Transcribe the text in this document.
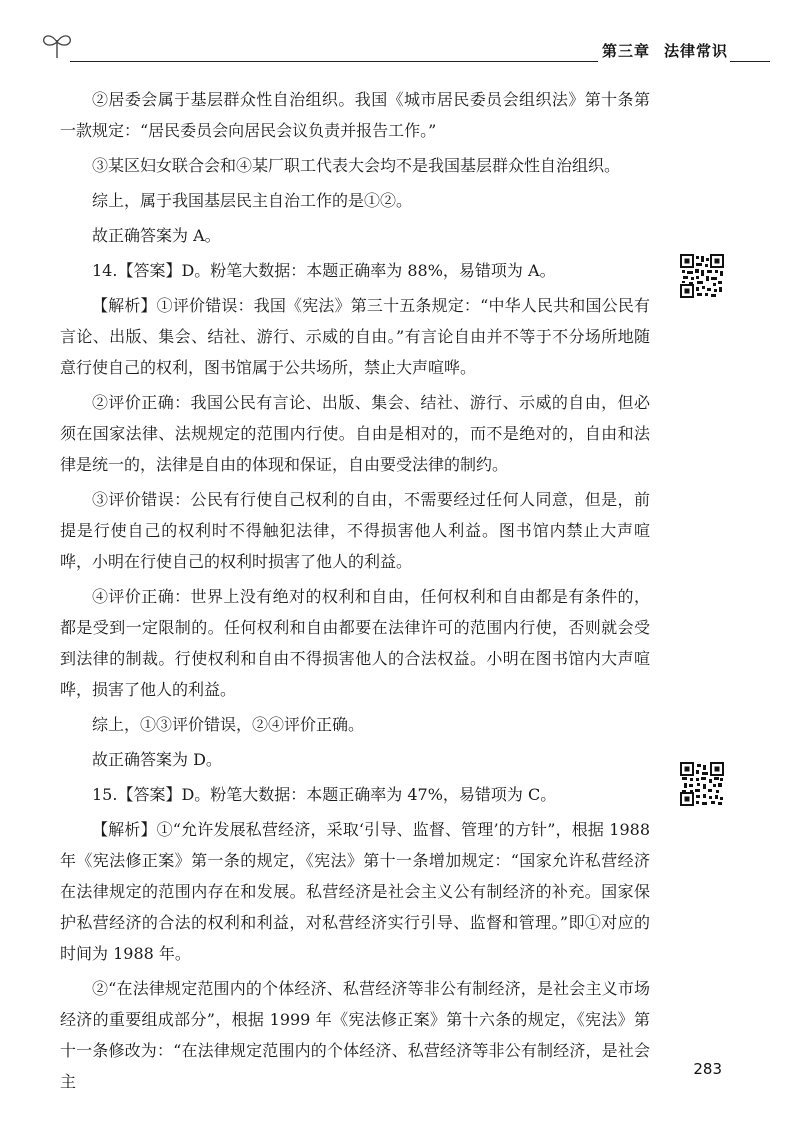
第三章 法律常识

②居委会属于基层群众性自治组织。我国《城市居民委员会组织法》第十条第一款规定：“居民委员会向居民会议负责并报告工作。”

③某区妇女联合会和④某厂职工代表大会均不是我国基层群众性自治组织。

综上，属于我国基层民主自治工作的是①②。

故正确答案为 A。

14.【答案】D。粉笔大数据：本题正确率为 88%，易错项为 A。

【解析】①评价错误：我国《宪法》第三十五条规定：“中华人民共和国公民有言论、出版、集会、结社、游行、示威的自由。”有言论自由并不等于不分场所地随意行使自己的权利，图书馆属于公共场所，禁止大声喧哗。

②评价正确：我国公民有言论、出版、集会、结社、游行、示威的自由，但必须在国家法律、法规规定的范围内行使。自由是相对的，而不是绝对的，自由和法律是统一的，法律是自由的体现和保证，自由要受法律的制约。

③评价错误：公民有行使自己权利的自由，不需要经过任何人同意，但是，前提是行使自己的权利时不得触犯法律，不得损害他人利益。图书馆内禁止大声喧哗，小明在行使自己的权利时损害了他人的利益。

④评价正确：世界上没有绝对的权利和自由，任何权利和自由都是有条件的，都是受到一定限制的。任何权利和自由都要在法律许可的范围内行使，否则就会受到法律的制裁。行使权利和自由不得损害他人的合法权益。小明在图书馆内大声喧哗，损害了他人的利益。

综上，①③评价错误，②④评价正确。

故正确答案为 D。

15.【答案】D。粉笔大数据：本题正确率为 47%，易错项为 C。

【解析】①“允许发展私营经济，采取‘引导、监督、管理’的方针”，根据 1988 年《宪法修正案》第一条的规定，《宪法》第十一条增加规定：“国家允许私营经济在法律规定的范围内存在和发展。私营经济是社会主义公有制经济的补充。国家保护私营经济的合法的权利和利益，对私营经济实行引导、监督和管理。”即①对应的时间为 1988 年。

②“在法律规定范围内的个体经济、私营经济等非公有制经济，是社会主义市场经济的重要组成部分”，根据 1999 年《宪法修正案》第十六条的规定，《宪法》第十一条修改为：“在法律规定范围内的个体经济、私营经济等非公有制经济，是社会主

283
